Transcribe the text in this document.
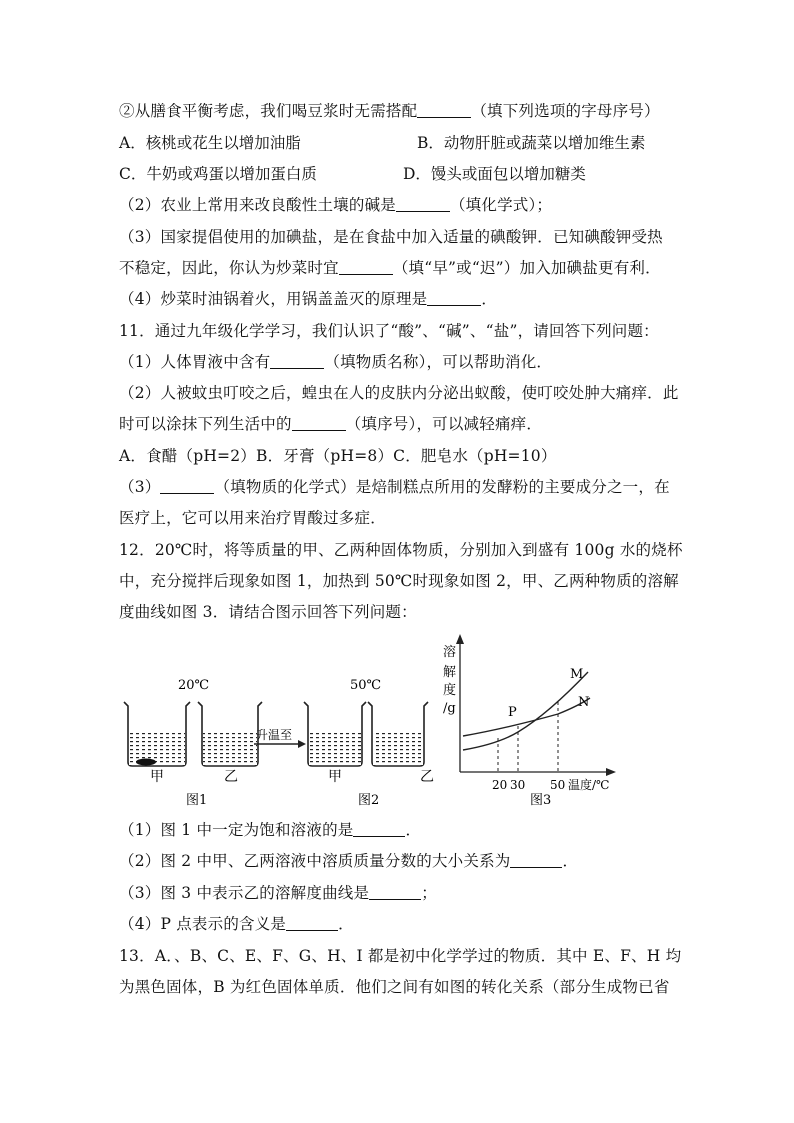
②从膳食平衡考虑，我们喝豆浆时无需搭配	（填下列选项的字母序号）
A．核桃或花生以增加油脂	B．动物肝脏或蔬菜以增加维生素
C．牛奶或鸡蛋以增加蛋白质	D．馒头或面包以增加糖类
（2）农业上常用来改良酸性土壤的碱是	（填化学式）；
（3）国家提倡使用的加碘盐，是在食盐中加入适量的碘酸钾．已知碘酸钾受热
不稳定，因此，你认为炒菜时宜	（填“早”或“迟”）加入加碘盐更有利．
（4）炒菜时油锅着火，用锅盖盖灭的原理是	．
11．通过九年级化学学习，我们认识了“酸”、“碱”、“盐”，请回答下列问题：
（1）人体胃液中含有	（填物质名称），可以帮助消化．
（2）人被蚊虫叮咬之后，蝗虫在人的皮肤内分泌出蚁酸，使叮咬处肿大痛痒．此
时可以涂抹下列生活中的	（填序号），可以减轻痛痒．
A．食醋（pH=2）B．牙膏（pH=8）C．肥皂水（pH=10）
（3）	（填物质的化学式）是焙制糕点所用的发酵粉的主要成分之一，在
医疗上，它可以用来治疗胃酸过多症．
12．20℃时，将等质量的甲、乙两种固体物质，分别加入到盛有 100g 水的烧杯
中，充分搅拌后现象如图 1，加热到 50℃时现象如图 2，甲、乙两种物质的溶解
度曲线如图 3．请结合图示回答下列问题：
20℃
甲	乙
图1
升温至
50℃
甲	乙
图2
溶
解
度
/g
M
N
P
20 30 50 温度/℃
图3
（1）图 1 中一定为饱和溶液的是	．
（2）图 2 中甲、乙两溶液中溶质质量分数的大小关系为	．
（3）图 3 中表示乙的溶解度曲线是	；
（4）P 点表示的含义是	．
13．A．、B、C、E、F、G、H、I 都是初中化学学过的物质．其中 E、F、H 均
为黑色固体，B 为红色固体单质．他们之间有如图的转化关系（部分生成物已省
